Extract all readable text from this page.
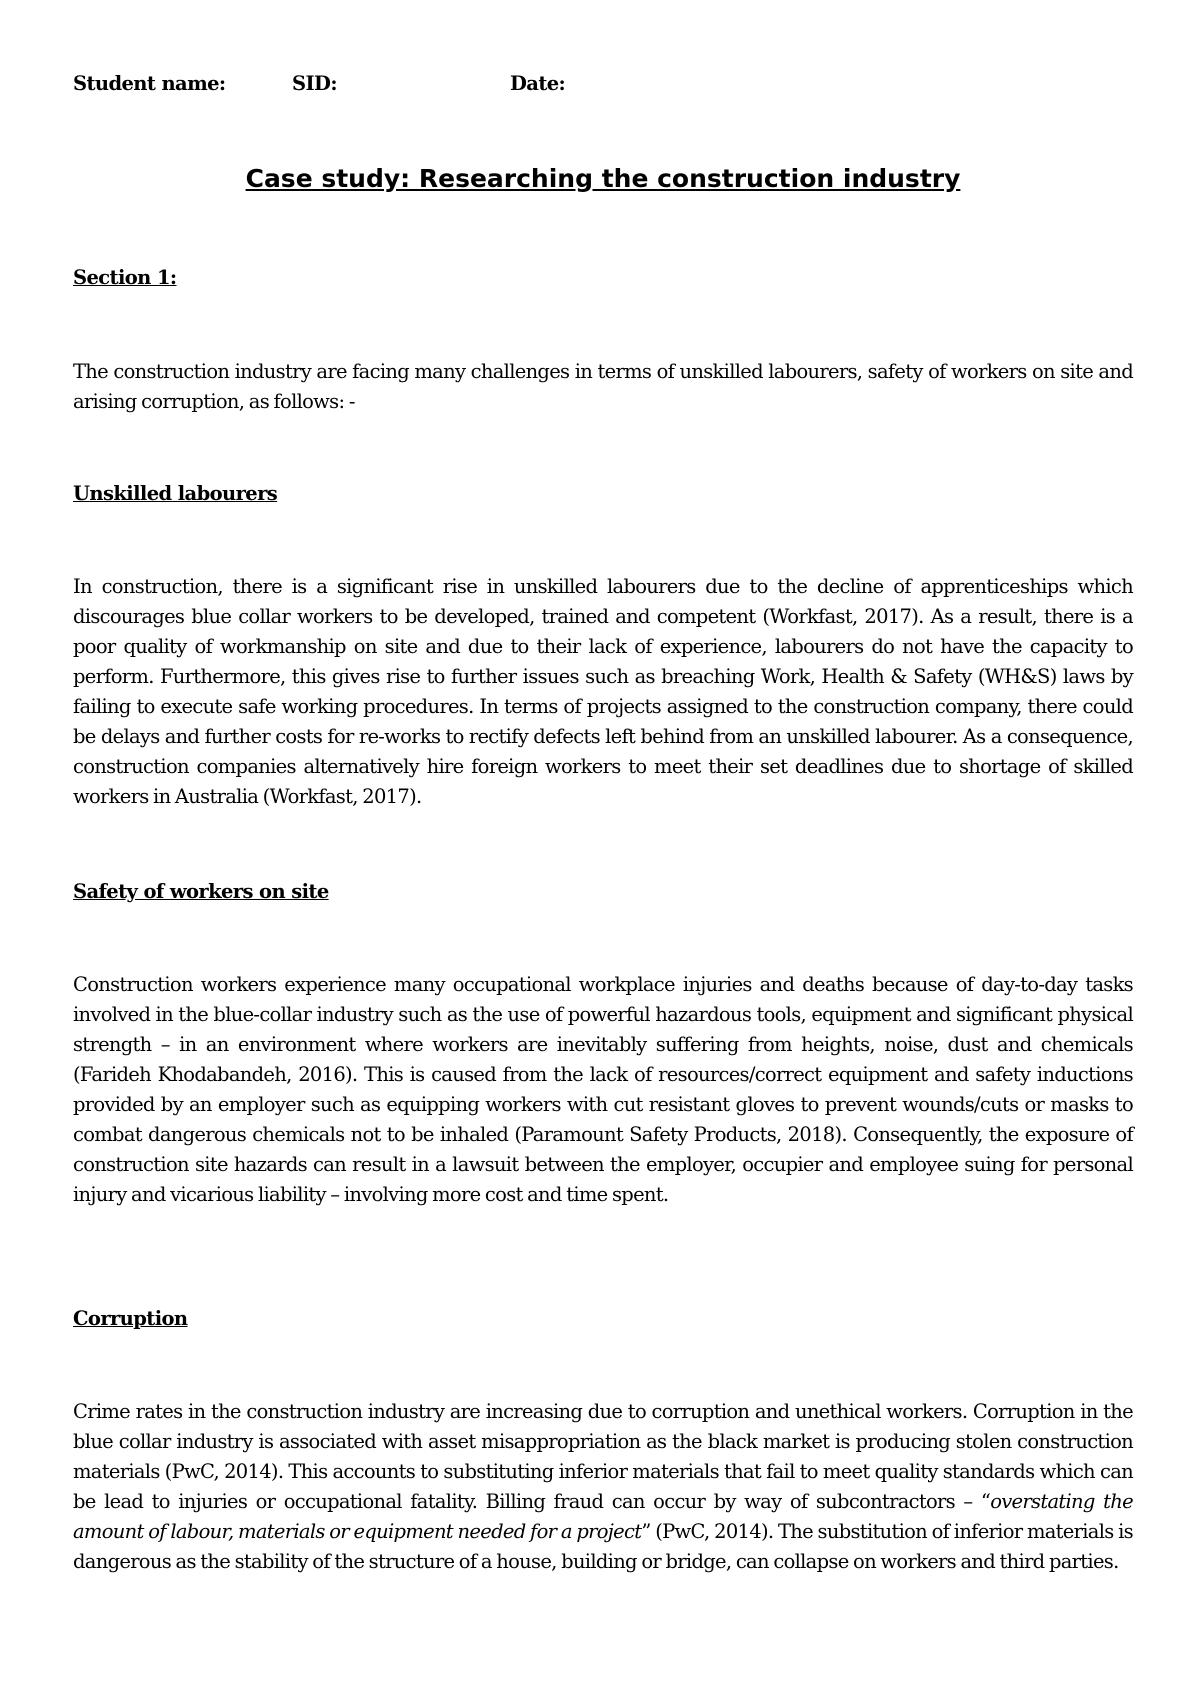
Student name:	SID:	Date:
Case study: Researching the construction industry
Section 1:
The construction industry are facing many challenges in terms of unskilled labourers, safety of workers on site and arising corruption, as follows: -
Unskilled labourers
In construction, there is a significant rise in unskilled labourers due to the decline of apprenticeships which discourages blue collar workers to be developed, trained and competent (Workfast, 2017). As a result, there is a poor quality of workmanship on site and due to their lack of experience, labourers do not have the capacity to perform. Furthermore, this gives rise to further issues such as breaching Work, Health & Safety (WH&S) laws by failing to execute safe working procedures. In terms of projects assigned to the construction company, there could be delays and further costs for re-works to rectify defects left behind from an unskilled labourer. As a consequence, construction companies alternatively hire foreign workers to meet their set deadlines due to shortage of skilled workers in Australia (Workfast, 2017).
Safety of workers on site
Construction workers experience many occupational workplace injuries and deaths because of day-to-day tasks involved in the blue-collar industry such as the use of powerful hazardous tools, equipment and significant physical strength – in an environment where workers are inevitably suffering from heights, noise, dust and chemicals (Farideh Khodabandeh, 2016). This is caused from the lack of resources/correct equipment and safety inductions provided by an employer such as equipping workers with cut resistant gloves to prevent wounds/cuts or masks to combat dangerous chemicals not to be inhaled (Paramount Safety Products, 2018). Consequently, the exposure of construction site hazards can result in a lawsuit between the employer, occupier and employee suing for personal injury and vicarious liability – involving more cost and time spent.
Corruption
Crime rates in the construction industry are increasing due to corruption and unethical workers. Corruption in the blue collar industry is associated with asset misappropriation as the black market is producing stolen construction materials (PwC, 2014). This accounts to substituting inferior materials that fail to meet quality standards which can be lead to injuries or occupational fatality. Billing fraud can occur by way of subcontractors – “overstating the amount of labour, materials or equipment needed for a project” (PwC, 2014). The substitution of inferior materials is dangerous as the stability of the structure of a house, building or bridge, can collapse on workers and third parties.
